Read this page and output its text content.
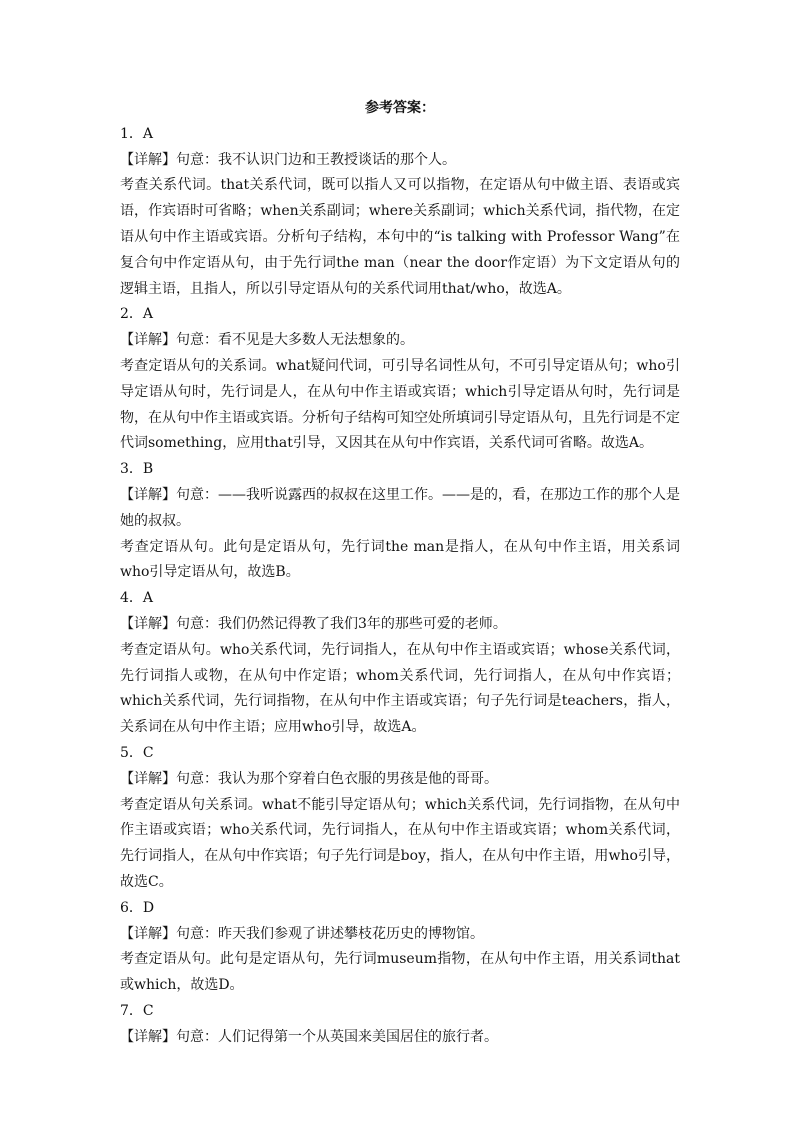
参考答案：
1．A
【详解】句意：我不认识门边和王教授谈话的那个人。
考查关系代词。that关系代词，既可以指人又可以指物，在定语从句中做主语、表语或宾语，作宾语时可省略；when关系副词；where关系副词；which关系代词，指代物，在定语从句中作主语或宾语。分析句子结构，本句中的“is talking with Professor Wang”在复合句中作定语从句，由于先行词the man（near the door作定语）为下文定语从句的逻辑主语，且指人，所以引导定语从句的关系代词用that/who，故选A。
2．A
【详解】句意：看不见是大多数人无法想象的。
考查定语从句的关系词。what疑问代词，可引导名词性从句，不可引导定语从句；who引导定语从句时，先行词是人，在从句中作主语或宾语；which引导定语从句时，先行词是物，在从句中作主语或宾语。分析句子结构可知空处所填词引导定语从句，且先行词是不定代词something，应用that引导，又因其在从句中作宾语，关系代词可省略。故选A。
3．B
【详解】句意：——我听说露西的叔叔在这里工作。——是的，看，在那边工作的那个人是她的叔叔。
考查定语从句。此句是定语从句，先行词the man是指人，在从句中作主语，用关系词who引导定语从句，故选B。
4．A
【详解】句意：我们仍然记得教了我们3年的那些可爱的老师。
考查定语从句。who关系代词，先行词指人，在从句中作主语或宾语；whose关系代词，先行词指人或物，在从句中作定语；whom关系代词，先行词指人，在从句中作宾语；which关系代词，先行词指物，在从句中作主语或宾语；句子先行词是teachers，指人，关系词在从句中作主语；应用who引导，故选A。
5．C
【详解】句意：我认为那个穿着白色衣服的男孩是他的哥哥。
考查定语从句关系词。what不能引导定语从句；which关系代词，先行词指物，在从句中作主语或宾语；who关系代词，先行词指人，在从句中作主语或宾语；whom关系代词，先行词指人，在从句中作宾语；句子先行词是boy，指人，在从句中作主语，用who引导，故选C。
6．D
【详解】句意：昨天我们参观了讲述攀枝花历史的博物馆。
考查定语从句。此句是定语从句，先行词museum指物，在从句中作主语，用关系词that或which，故选D。
7．C
【详解】句意：人们记得第一个从英国来美国居住的旅行者。
